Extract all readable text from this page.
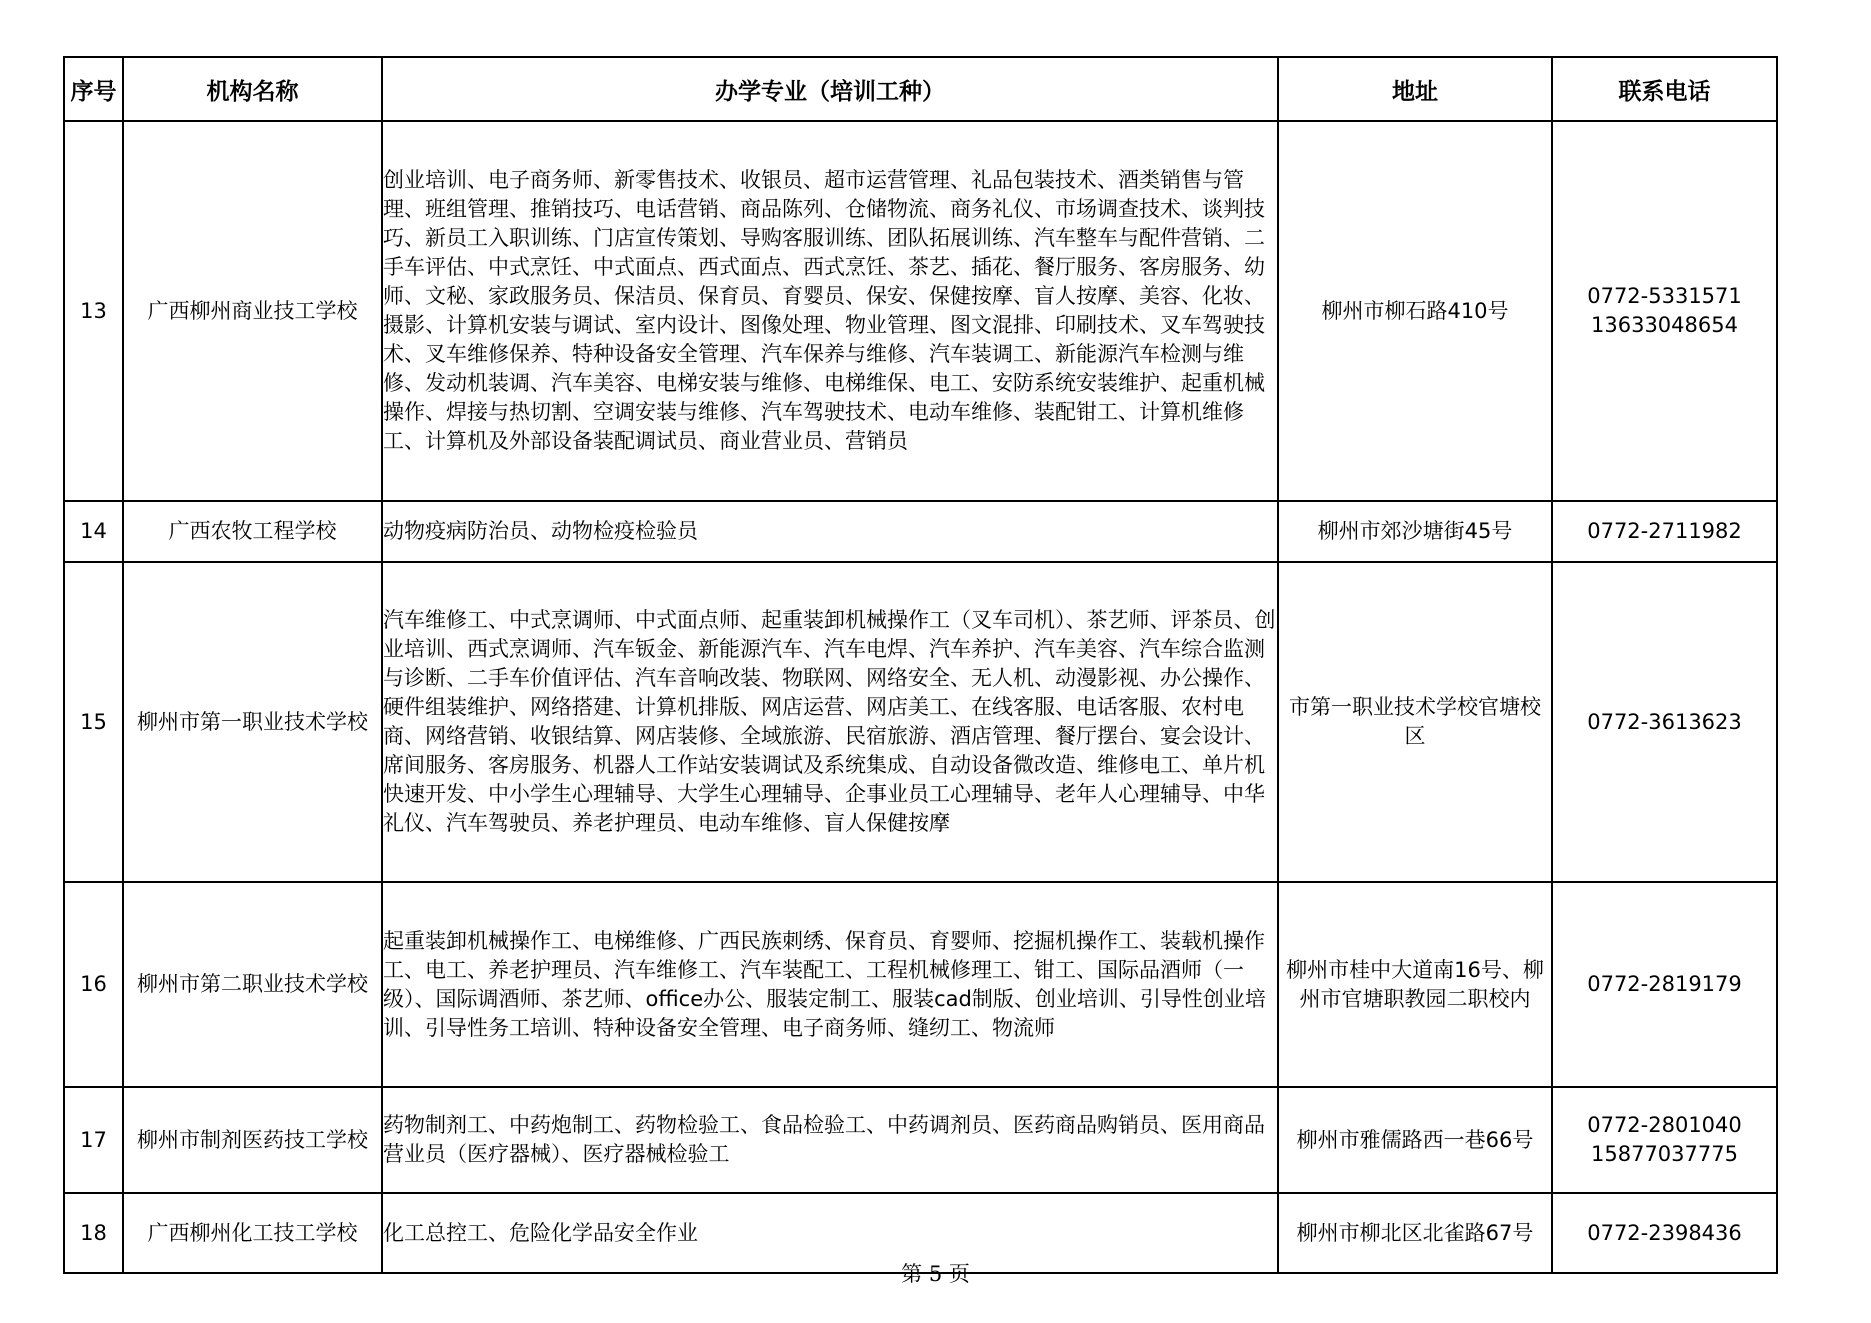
序号	机构名称	办学专业（培训工种）	地址	联系电话
13	广西柳州商业技工学校	创业培训、电子商务师、新零售技术、收银员、超市运营管理、礼品包装技术、酒类销售与管理、班组管理、推销技巧、电话营销、商品陈列、仓储物流、商务礼仪、市场调查技术、谈判技巧、新员工入职训练、门店宣传策划、导购客服训练、团队拓展训练、汽车整车与配件营销、二手车评估、中式烹饪、中式面点、西式面点、西式烹饪、茶艺、插花、餐厅服务、客房服务、幼师、文秘、家政服务员、保洁员、保育员、育婴员、保安、保健按摩、盲人按摩、美容、化妆、摄影、计算机安装与调试、室内设计、图像处理、物业管理、图文混排、印刷技术、叉车驾驶技术、叉车维修保养、特种设备安全管理、汽车保养与维修、汽车装调工、新能源汽车检测与维修、发动机装调、汽车美容、电梯安装与维修、电梯维保、电工、安防系统安装维护、起重机械操作、焊接与热切割、空调安装与维修、汽车驾驶技术、电动车维修、装配钳工、计算机维修工、计算机及外部设备装配调试员、商业营业员、营销员	柳州市柳石路410号	0772-5331571
13633048654

14	广西农牧工程学校	动物疫病防治员、动物检疫检验员	柳州市郊沙塘街45号	0772-2711982

15	柳州市第一职业技术学校	汽车维修工、中式烹调师、中式面点师、起重装卸机械操作工（叉车司机）、茶艺师、评茶员、创业培训、西式烹调师、汽车钣金、新能源汽车、汽车电焊、汽车养护、汽车美容、汽车综合监测与诊断、二手车价值评估、汽车音响改装、物联网、网络安全、无人机、动漫影视、办公操作、硬件组装维护、网络搭建、计算机排版、网店运营、网店美工、在线客服、电话客服、农村电商、网络营销、收银结算、网店装修、全域旅游、民宿旅游、酒店管理、餐厅摆台、宴会设计、席间服务、客房服务、机器人工作站安装调试及系统集成、自动设备微改造、维修电工、单片机快速开发、中小学生心理辅导、大学生心理辅导、企事业员工心理辅导、老年人心理辅导、中华礼仪、汽车驾驶员、养老护理员、电动车维修、盲人保健按摩	市第一职业技术学校官塘校区	0772-3613623

16	柳州市第二职业技术学校	起重装卸机械操作工、电梯维修、广西民族刺绣、保育员、育婴师、挖掘机操作工、装载机操作工、电工、养老护理员、汽车维修工、汽车装配工、工程机械修理工、钳工、国际品酒师（一级）、国际调酒师、茶艺师、office办公、服装定制工、服装cad制版、创业培训、引导性创业培训、引导性务工培训、特种设备安全管理、电子商务师、缝纫工、物流师	柳州市桂中大道南16号、柳州市官塘职教园二职校内	0772-2819179

17	柳州市制剂医药技工学校	药物制剂工、中药炮制工、药物检验工、食品检验工、中药调剂员、医药商品购销员、医用商品营业员（医疗器械）、医疗器械检验工	柳州市雅儒路西一巷66号	0772-2801040
15877037775

18	广西柳州化工技工学校	化工总控工、危险化学品安全作业	柳州市柳北区北雀路67号	0772-2398436
第 5 页
